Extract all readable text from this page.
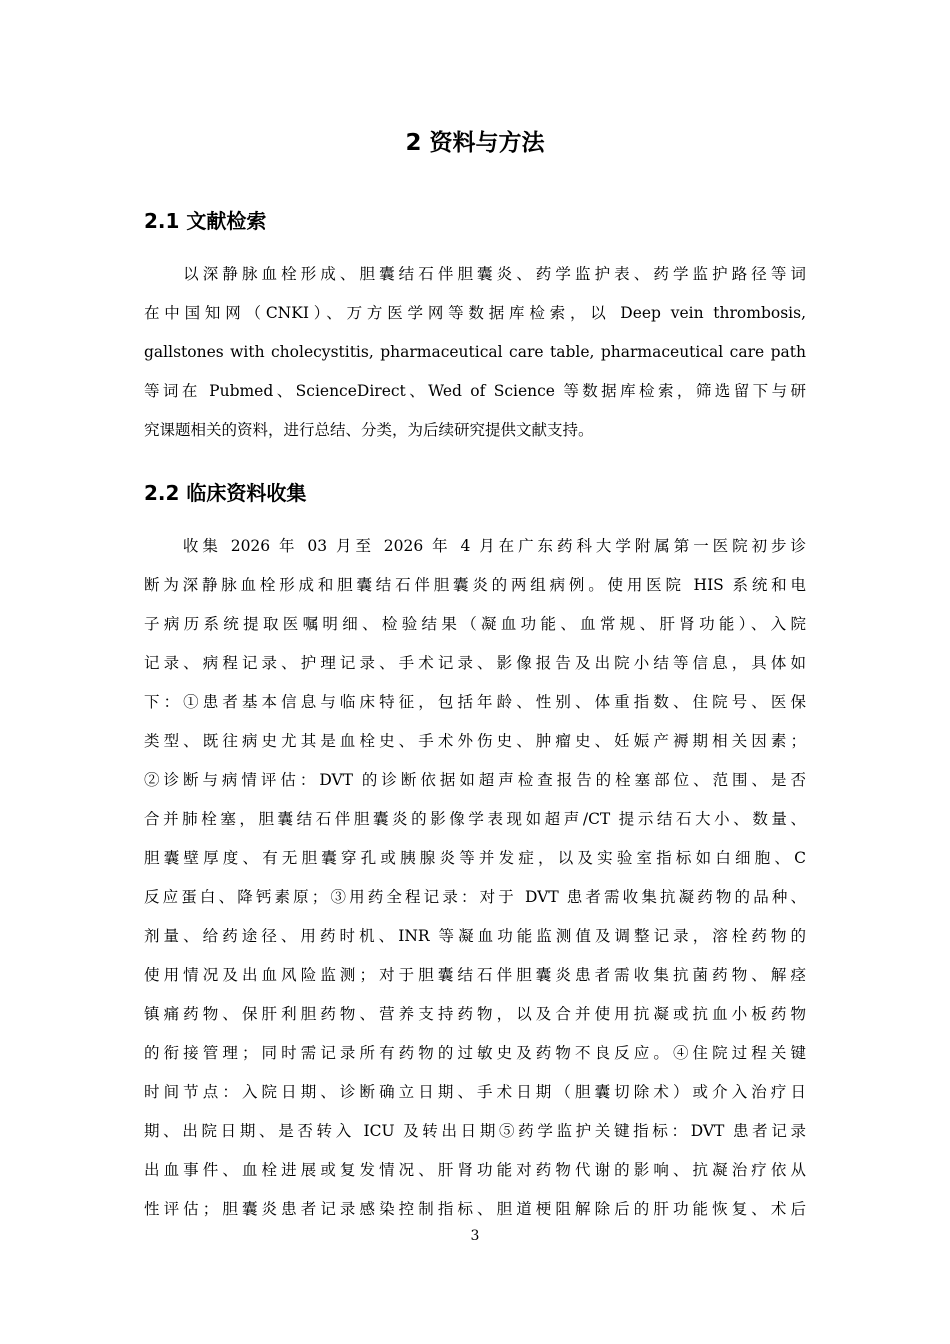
2 资料与方法
2.1 文献检索
　　以深静脉血栓形成、胆囊结石伴胆囊炎、药学监护表、药学监护路径等词
在中国知网（CNKI）、万方医学网等数据库检索，以 Deep vein thrombosis,
gallstones with cholecystitis, pharmaceutical care table, pharmaceutical care path
等词在 Pubmed、ScienceDirect、Wed of Science 等数据库检索，筛选留下与研
究课题相关的资料，进行总结、分类，为后续研究提供文献支持。
2.2 临床资料收集
　　收集 2026 年 03 月至 2026 年 4 月在广东药科大学附属第一医院初步诊
断为深静脉血栓形成和胆囊结石伴胆囊炎的两组病例。使用医院 HIS 系统和电
子病历系统提取医嘱明细、检验结果（凝血功能、血常规、肝肾功能）、入院
记录、病程记录、护理记录、手术记录、影像报告及出院小结等信息，具体如
下：①患者基本信息与临床特征，包括年龄、性别、体重指数、住院号、医保
类型、既往病史尤其是血栓史、手术外伤史、肿瘤史、妊娠产褥期相关因素；
②诊断与病情评估：DVT 的诊断依据如超声检查报告的栓塞部位、范围、是否
合并肺栓塞，胆囊结石伴胆囊炎的影像学表现如超声/CT 提示结石大小、数量、
胆囊壁厚度、有无胆囊穿孔或胰腺炎等并发症，以及实验室指标如白细胞、C
反应蛋白、降钙素原；③用药全程记录：对于 DVT 患者需收集抗凝药物的品种、
剂量、给药途径、用药时机、INR 等凝血功能监测值及调整记录，溶栓药物的
使用情况及出血风险监测；对于胆囊结石伴胆囊炎患者需收集抗菌药物、解痉
镇痛药物、保肝利胆药物、营养支持药物，以及合并使用抗凝或抗血小板药物
的衔接管理；同时需记录所有药物的过敏史及药物不良反应。④住院过程关键
时间节点：入院日期、诊断确立日期、手术日期（胆囊切除术）或介入治疗日
期、出院日期、是否转入 ICU 及转出日期⑤药学监护关键指标：DVT 患者记录
出血事件、血栓进展或复发情况、肝肾功能对药物代谢的影响、抗凝治疗依从
性评估；胆囊炎患者记录感染控制指标、胆道梗阻解除后的肝功能恢复、术后
3
